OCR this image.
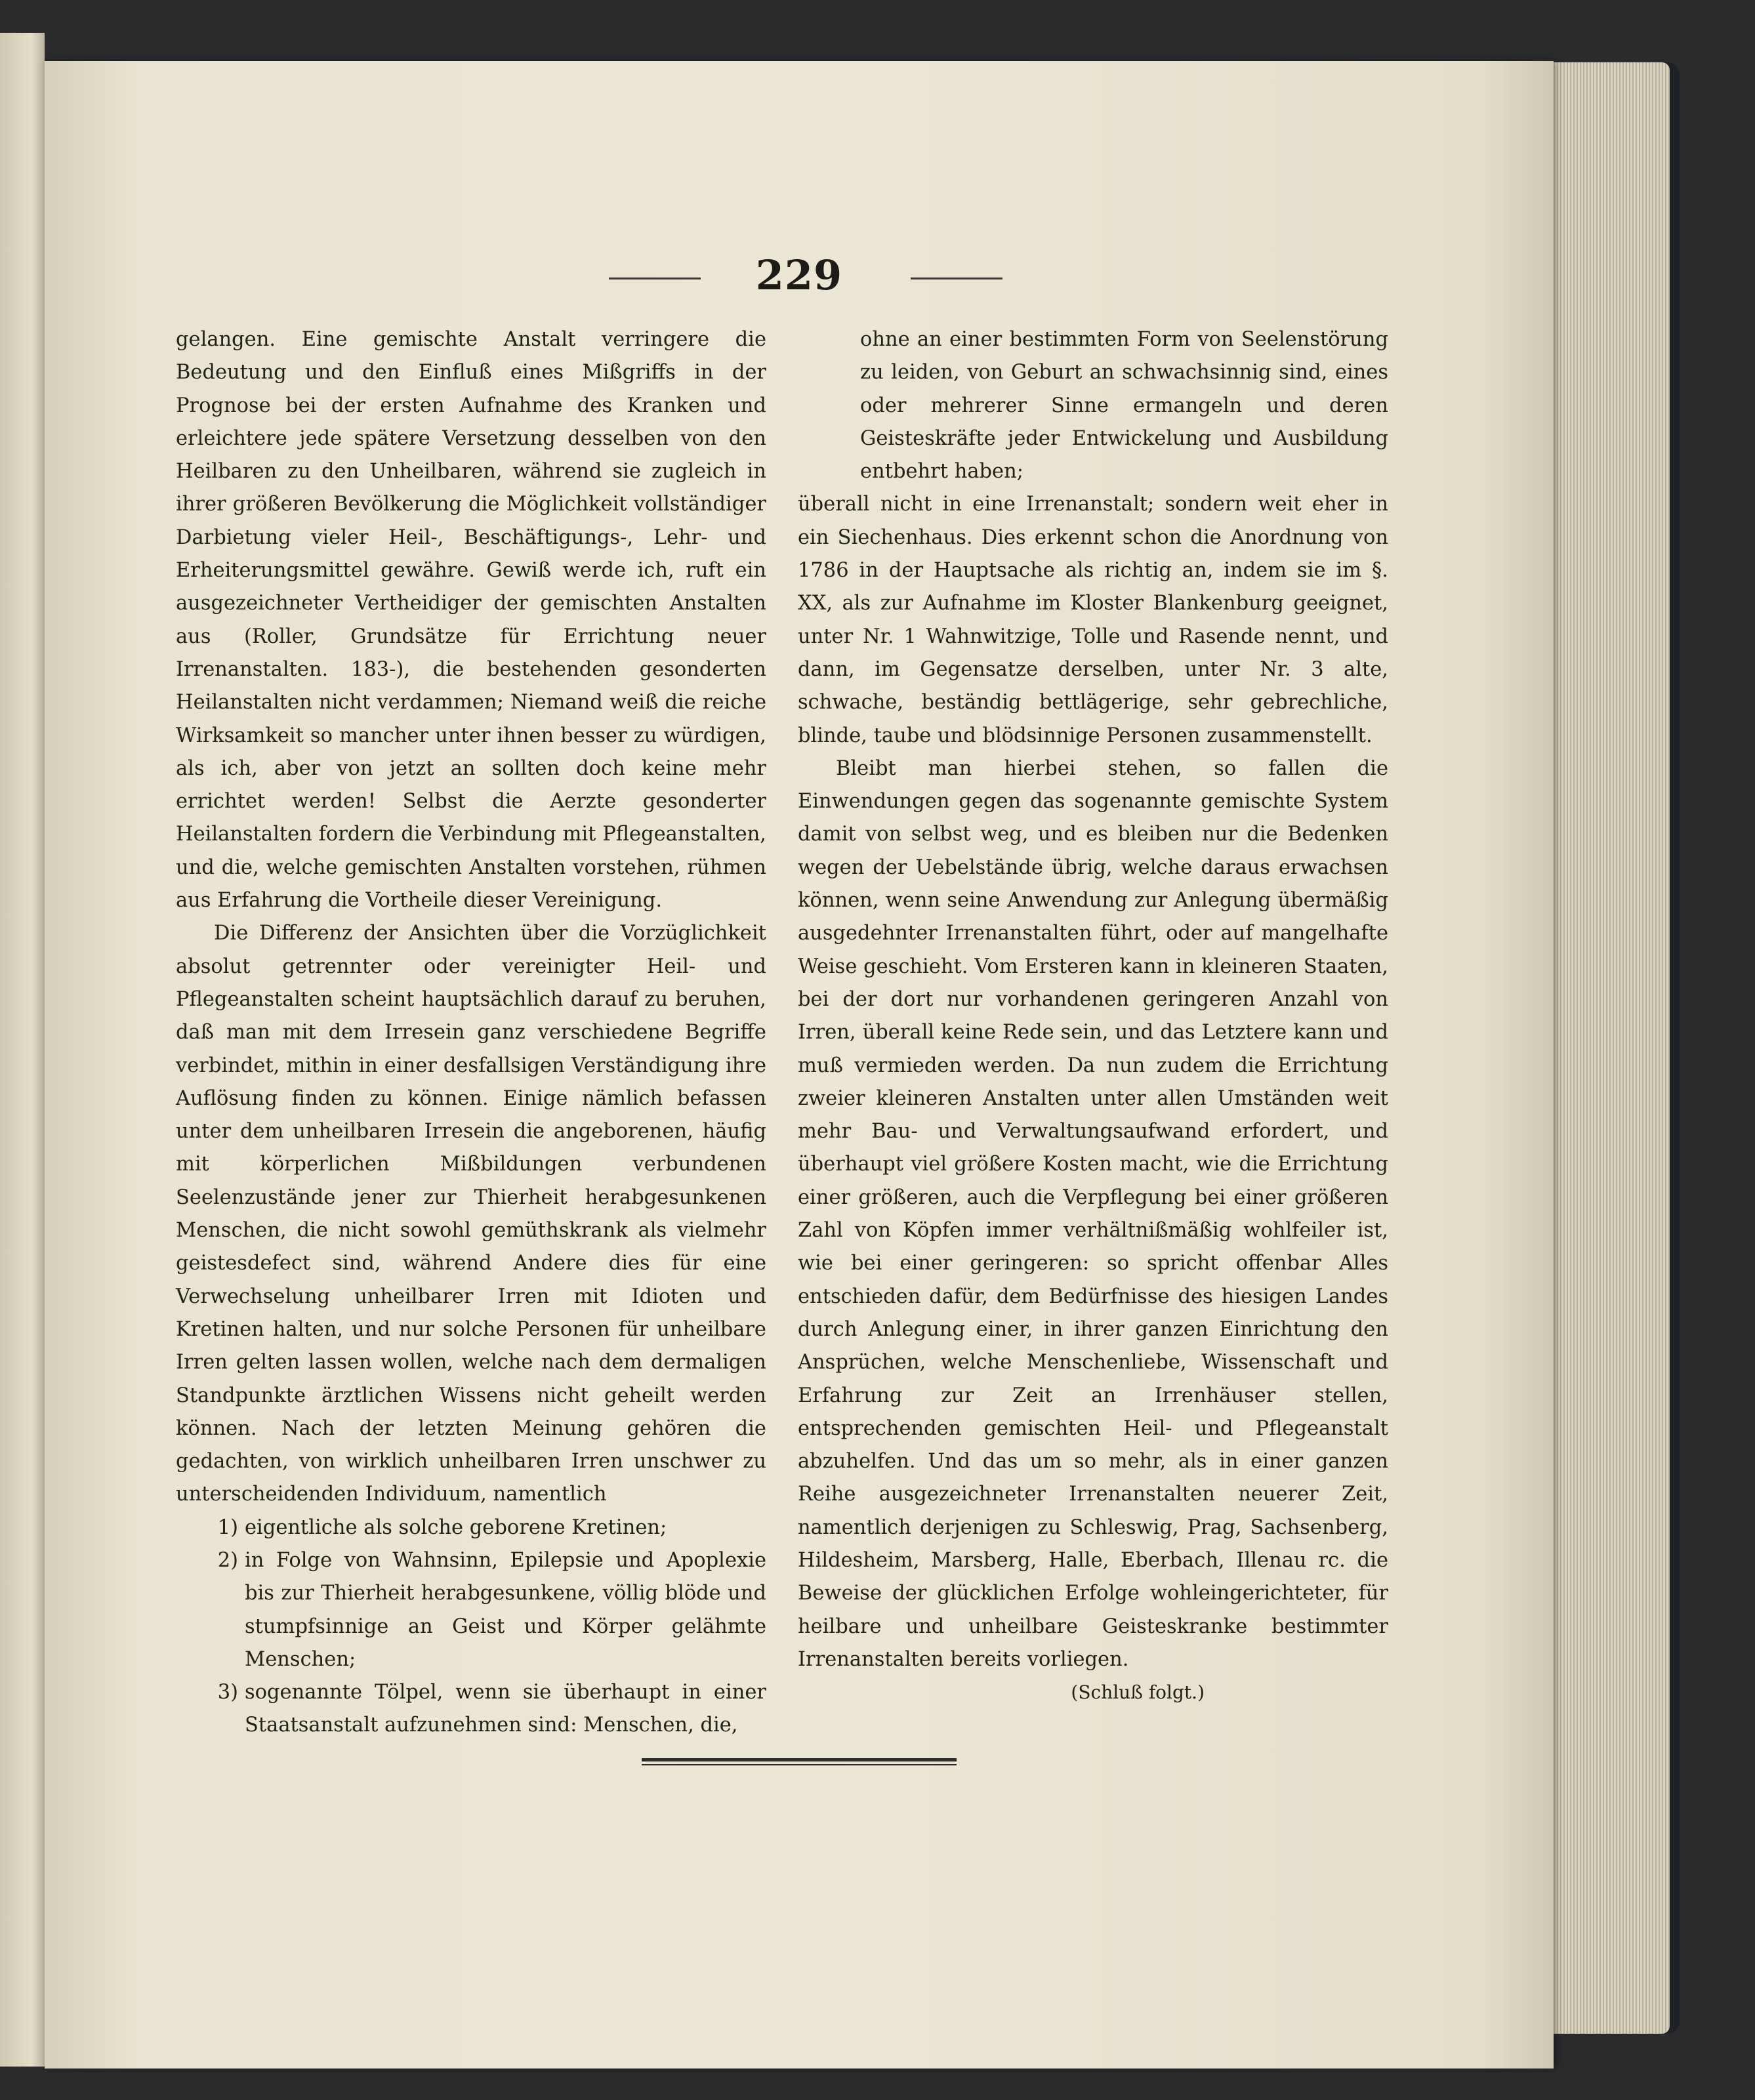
229

gelangen. Eine gemischte Anstalt verringere die Bedeutung und den Einfluß eines Mißgriffs in der Prognose bei der ersten Aufnahme des Kranken und erleichtere jede spätere Versetzung desselben von den Heilbaren zu den Unheilbaren, während sie zugleich in ihrer größeren Bevölkerung die Möglichkeit vollständiger Darbietung vieler Heil-, Beschäftigungs-, Lehr- und Erheiterungsmittel gewähre. Gewiß werde ich, ruft ein ausgezeichneter Vertheidiger der gemischten Anstalten aus (Roller, Grundsätze für Errichtung neuer Irrenanstalten. 183-), die bestehenden gesonderten Heilanstalten nicht verdammen; Niemand weiß die reiche Wirksamkeit so mancher unter ihnen besser zu würdigen, als ich, aber von jetzt an sollten doch keine mehr errichtet werden! Selbst die Aerzte gesonderter Heilanstalten fordern die Verbindung mit Pflegeanstalten, und die, welche gemischten Anstalten vorstehen, rühmen aus Erfahrung die Vortheile dieser Vereinigung.

Die Differenz der Ansichten über die Vorzüglichkeit absolut getrennter oder vereinigter Heil- und Pflegeanstalten scheint hauptsächlich darauf zu beruhen, daß man mit dem Irresein ganz verschiedene Begriffe verbindet, mithin in einer desfallsigen Verständigung ihre Auflösung finden zu können. Einige nämlich befassen unter dem unheilbaren Irresein die angeborenen, häufig mit körperlichen Mißbildungen verbundenen Seelenzustände jener zur Thierheit herabgesunkenen Menschen, die nicht sowohl gemüthskrank als vielmehr geistesdefect sind, während Andere dies für eine Verwechselung unheilbarer Irren mit Idioten und Kretinen halten, und nur solche Personen für unheilbare Irren gelten lassen wollen, welche nach dem dermaligen Standpunkte ärztlichen Wissens nicht geheilt werden können. Nach der letzten Meinung gehören die gedachten, von wirklich unheilbaren Irren unschwer zu unterscheidenden Individuum, namentlich

1) eigentliche als solche geborene Kretinen;
2) in Folge von Wahnsinn, Epilepsie und Apoplexie bis zur Thierheit herabgesunkene, völlig blöde und stumpfsinnige an Geist und Körper gelähmte Menschen;
3) sogenannte Tölpel, wenn sie überhaupt in einer Staatsanstalt aufzunehmen sind: Menschen, die,

ohne an einer bestimmten Form von Seelenstörung zu leiden, von Geburt an schwachsinnig sind, eines oder mehrerer Sinne ermangeln und deren Geisteskräfte jeder Entwickelung und Ausbildung entbehrt haben;

überall nicht in eine Irrenanstalt; sondern weit eher in ein Siechenhaus. Dies erkennt schon die Anordnung von 1786 in der Hauptsache als richtig an, indem sie im §. XX, als zur Aufnahme im Kloster Blankenburg geeignet, unter Nr. 1 Wahnwitzige, Tolle und Rasende nennt, und dann, im Gegensatze derselben, unter Nr. 3 alte, schwache, beständig bettlägerige, sehr gebrechliche, blinde, taube und blödsinnige Personen zusammenstellt.

Bleibt man hierbei stehen, so fallen die Einwendungen gegen das sogenannte gemischte System damit von selbst weg, und es bleiben nur die Bedenken wegen der Uebelstände übrig, welche daraus erwachsen können, wenn seine Anwendung zur Anlegung übermäßig ausgedehnter Irrenanstalten führt, oder auf mangelhafte Weise geschieht. Vom Ersteren kann in kleineren Staaten, bei der dort nur vorhandenen geringeren Anzahl von Irren, überall keine Rede sein, und das Letztere kann und muß vermieden werden. Da nun zudem die Errichtung zweier kleineren Anstalten unter allen Umständen weit mehr Bau- und Verwaltungsaufwand erfordert, und überhaupt viel größere Kosten macht, wie die Errichtung einer größeren, auch die Verpflegung bei einer größeren Zahl von Köpfen immer verhältnißmäßig wohlfeiler ist, wie bei einer geringeren: so spricht offenbar Alles entschieden dafür, dem Bedürfnisse des hiesigen Landes durch Anlegung einer, in ihrer ganzen Einrichtung den Ansprüchen, welche Menschenliebe, Wissenschaft und Erfahrung zur Zeit an Irrenhäuser stellen, entsprechenden gemischten Heil- und Pflegeanstalt abzuhelfen. Und das um so mehr, als in einer ganzen Reihe ausgezeichneter Irrenanstalten neuerer Zeit, namentlich derjenigen zu Schleswig, Prag, Sachsenberg, Hildesheim, Marsberg, Halle, Eberbach, Illenau rc. die Beweise der glücklichen Erfolge wohleingerichteter, für heilbare und unheilbare Geisteskranke bestimmter Irrenanstalten bereits vorliegen.

(Schluß folgt.)
